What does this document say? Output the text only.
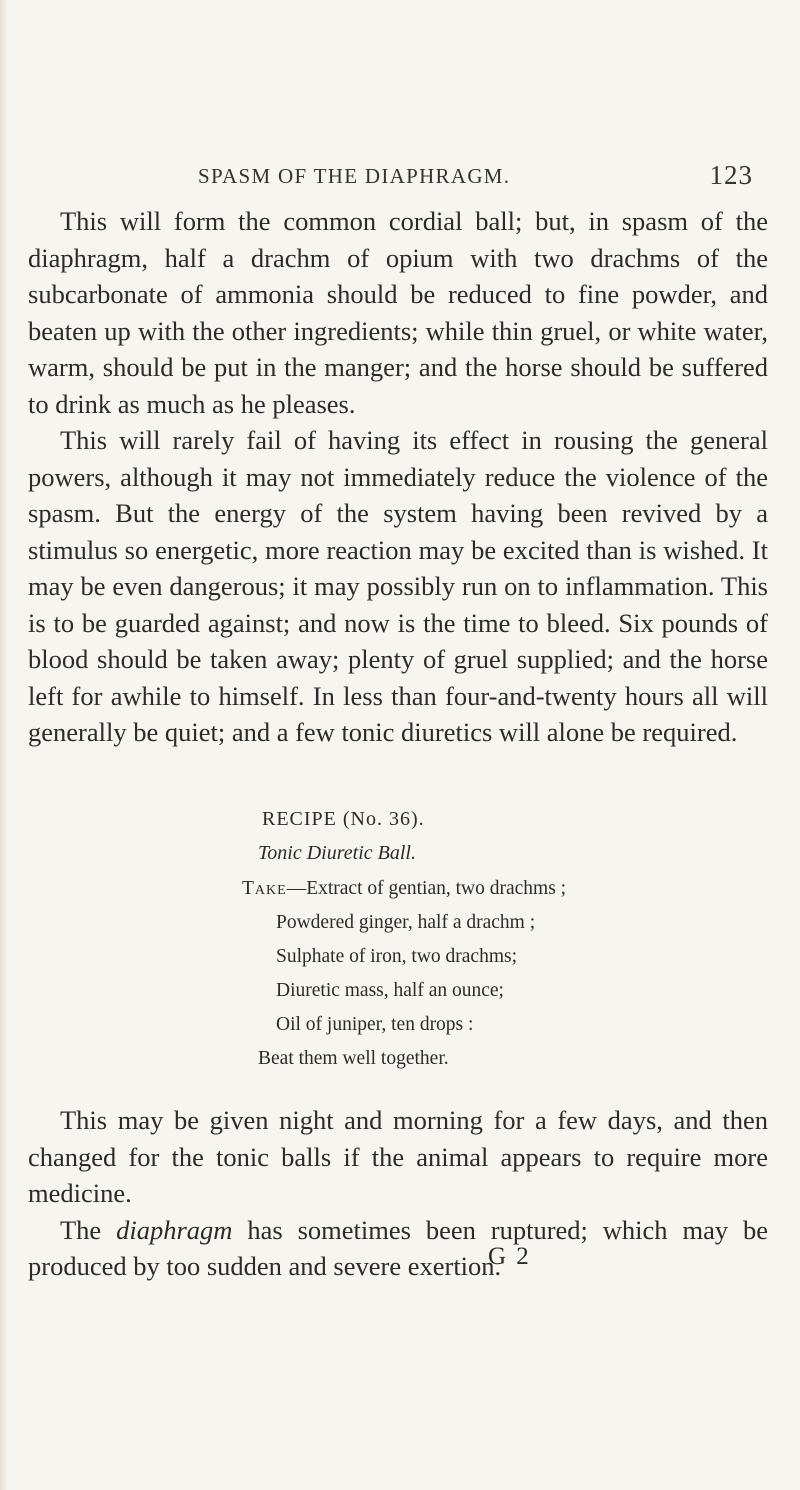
SPASM OF THE DIAPHRAGM.	123

This will form the common cordial ball; but, in spasm of the diaphragm, half a drachm of opium with two drachms of the subcarbonate of ammonia should be reduced to fine powder, and beaten up with the other ingredients; while thin gruel, or white water, warm, should be put in the manger; and the horse should be suffered to drink as much as he pleases.

This will rarely fail of having its effect in rousing the general powers, although it may not immediately reduce the violence of the spasm. But the energy of the system having been revived by a stimulus so energetic, more reaction may be excited than is wished. It may be even dangerous; it may possibly run on to inflammation. This is to be guarded against; and now is the time to bleed. Six pounds of blood should be taken away; plenty of gruel supplied; and the horse left for awhile to himself. In less than four-and-twenty hours all will generally be quiet; and a few tonic diuretics will alone be required.

RECIPE (No. 36).
Tonic Diuretic Ball.
Take—Extract of gentian, two drachms ;
Powdered ginger, half a drachm ;
Sulphate of iron, two drachms;
Diuretic mass, half an ounce;
Oil of juniper, ten drops :
Beat them well together.

This may be given night and morning for a few days, and then changed for the tonic balls if the animal appears to require more medicine.

The diaphragm has sometimes been ruptured; which may be produced by too sudden and severe exertion.

G 2
